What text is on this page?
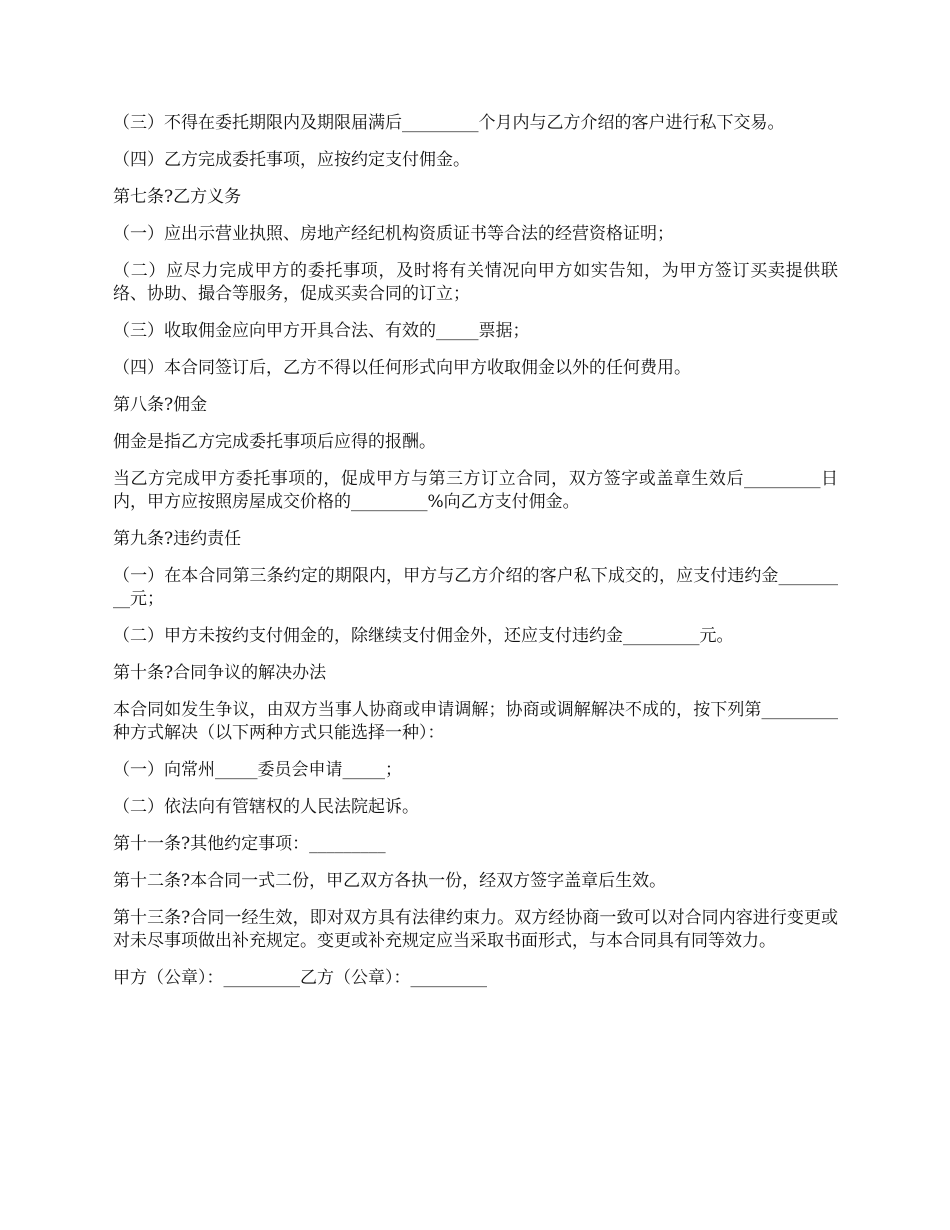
（三）不得在委托期限内及期限届满后_________个月内与乙方介绍的客户进行私下交易。

（四）乙方完成委托事项，应按约定支付佣金。

第七条?乙方义务

（一）应出示营业执照、房地产经纪机构资质证书等合法的经营资格证明；

（二）应尽力完成甲方的委托事项，及时将有关情况向甲方如实告知，为甲方签订买卖提供联络、协助、撮合等服务，促成买卖合同的订立；

（三）收取佣金应向甲方开具合法、有效的_____票据；

（四）本合同签订后，乙方不得以任何形式向甲方收取佣金以外的任何费用。

第八条?佣金

佣金是指乙方完成委托事项后应得的报酬。

当乙方完成甲方委托事项的，促成甲方与第三方订立合同，双方签字或盖章生效后_________日内，甲方应按照房屋成交价格的_________%向乙方支付佣金。

第九条?违约责任

（一）在本合同第三条约定的期限内，甲方与乙方介绍的客户私下成交的，应支付违约金_________元；

（二）甲方未按约支付佣金的，除继续支付佣金外，还应支付违约金_________元。

第十条?合同争议的解决办法

本合同如发生争议，由双方当事人协商或申请调解；协商或调解解决不成的，按下列第_________种方式解决（以下两种方式只能选择一种）：

（一）向常州_____委员会申请_____；

（二）依法向有管辖权的人民法院起诉。

第十一条?其他约定事项：_________

第十二条?本合同一式二份，甲乙双方各执一份，经双方签字盖章后生效。

第十三条?合同一经生效，即对双方具有法律约束力。双方经协商一致可以对合同内容进行变更或对未尽事项做出补充规定。变更或补充规定应当采取书面形式，与本合同具有同等效力。

甲方（公章）：_________乙方（公章）：_________
